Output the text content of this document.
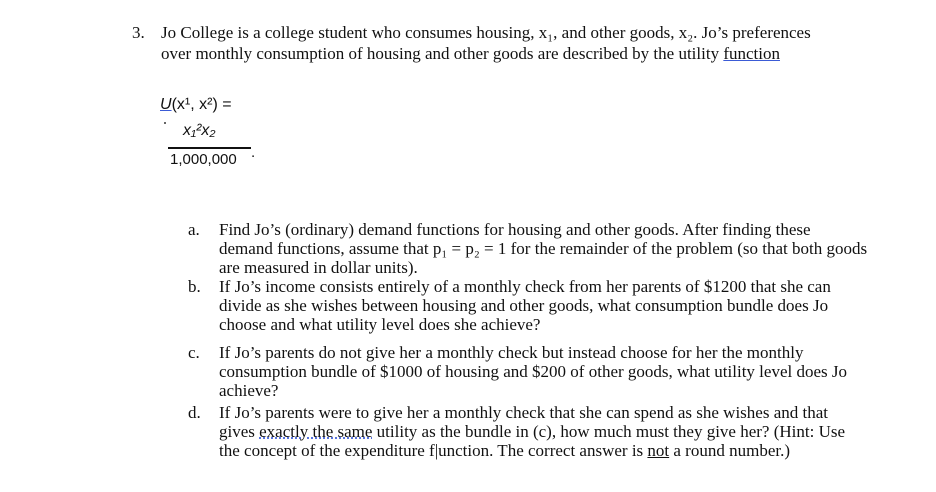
3. Jo College is a college student who consumes housing, x₁, and other goods, x₂. Jo’s preferences
over monthly consumption of housing and other goods are described by the utility function
U(x¹, x²) =
x₁²x₂
1,000,000 .
a. Find Jo’s (ordinary) demand functions for housing and other goods. After finding these demand functions, assume that p₁ = p₂ = 1 for the remainder of the problem (so that both goods are measured in dollar units).
b. If Jo’s income consists entirely of a monthly check from her parents of $1200 that she can divide as she wishes between housing and other goods, what consumption bundle does Jo choose and what utility level does she achieve?
c. If Jo’s parents do not give her a monthly check but instead choose for her the monthly consumption bundle of $1000 of housing and $200 of other goods, what utility level does Jo achieve?
d. If Jo’s parents were to give her a monthly check that she can spend as she wishes and that gives exactly the same utility as the bundle in (c), how much must they give her? (Hint: Use the concept of the expenditure f|unction. The correct answer is not a round number.)
